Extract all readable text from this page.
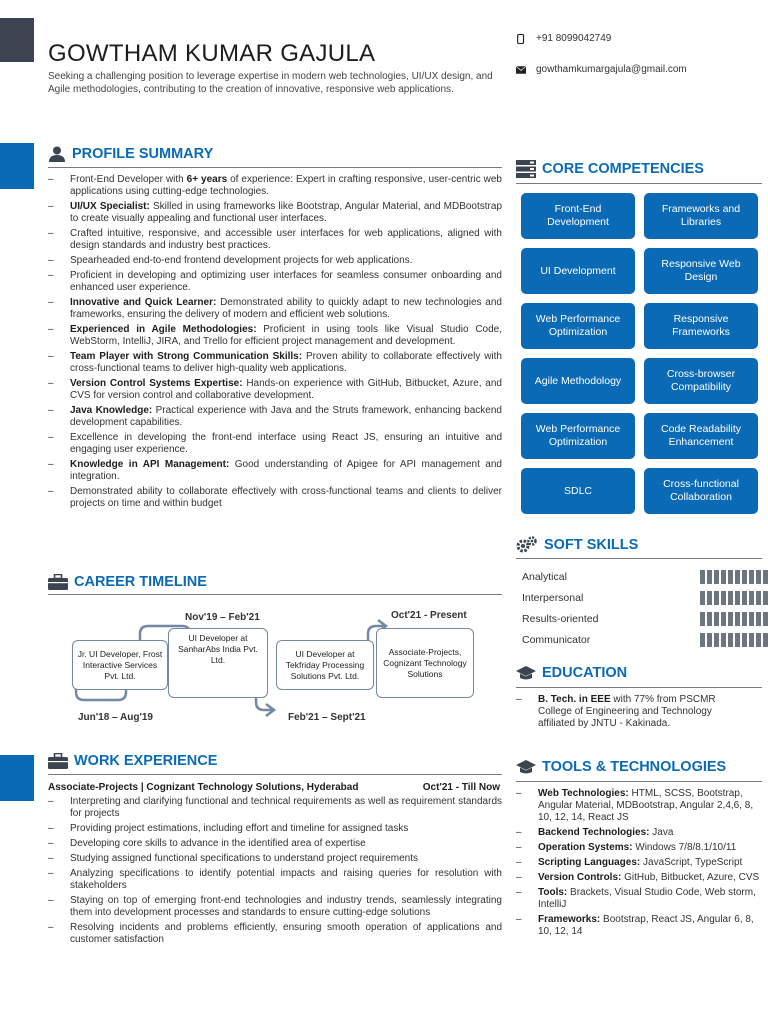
GOWTHAM KUMAR GAJULA

Seeking a challenging position to leverage expertise in modern web technologies, UI/UX design, and Agile methodologies, contributing to the creation of innovative, responsive web applications.

+91 8099042749
gowthamkumargajula@gmail.com
PROFILE SUMMARY
– Front-End Developer with 6+ years of experience: Expert in crafting responsive, user-centric web applications using cutting-edge technologies.
– UI/UX Specialist: Skilled in using frameworks like Bootstrap, Angular Material, and MDBootstrap to create visually appealing and functional user interfaces.
– Crafted intuitive, responsive, and accessible user interfaces for web applications, aligned with design standards and industry best practices.
– Spearheaded end-to-end frontend development projects for web applications.
– Proficient in developing and optimizing user interfaces for seamless consumer onboarding and enhanced user experience.
– Innovative and Quick Learner: Demonstrated ability to quickly adapt to new technologies and frameworks, ensuring the delivery of modern and efficient web solutions.
– Experienced in Agile Methodologies: Proficient in using tools like Visual Studio Code, WebStorm, IntelliJ, JIRA, and Trello for efficient project management and development.
– Team Player with Strong Communication Skills: Proven ability to collaborate effectively with cross-functional teams to deliver high-quality web applications.
– Version Control Systems Expertise: Hands-on experience with GitHub, Bitbucket, Azure, and CVS for version control and collaborative development.
– Java Knowledge: Practical experience with Java and the Struts framework, enhancing backend development capabilities.
– Excellence in developing the front-end interface using React JS, ensuring an intuitive and engaging user experience.
– Knowledge in API Management: Good understanding of Apigee for API management and integration.
– Demonstrated ability to collaborate effectively with cross-functional teams and clients to deliver projects on time and within budget
CORE COMPETENCIES
Front-End Development
Frameworks and Libraries
UI Development
Responsive Web Design
Web Performance Optimization
Responsive Frameworks
Agile Methodology
Cross-browser Compatibility
Web Performance Optimization
Code Readability Enhancement
SDLC
Cross-functional Collaboration
SOFT SKILLS
Analytical
Interpersonal
Results-oriented
Communicator
CAREER TIMELINE
Jun'18 – Aug'19
Nov'19 – Feb'21
Feb'21 – Sept'21
Oct'21 - Present
Jr. UI Developer, Frost Interactive Services Pvt. Ltd.
UI Developer at SanharAbs India Pvt. Ltd.
UI Developer at Tekfriday Processing Solutions Pvt. Ltd.
Associate-Projects, Cognizant Technology Solutions	EDUCATION
– B. Tech. in EEE with 77% from PSCMR College of Engineering and Technology affiliated by JNTU - Kakinada.
WORK EXPERIENCE
Associate-Projects | Cognizant Technology Solutions, Hyderabad	Oct'21 - Till Now
– Interpreting and clarifying functional and technical requirements as well as requirement standards for projects
– Providing project estimations, including effort and timeline for assigned tasks
– Developing core skills to advance in the identified area of expertise
– Studying assigned functional specifications to understand project requirements
– Analyzing specifications to identify potential impacts and raising queries for resolution with stakeholders
– Staying on top of emerging front-end technologies and industry trends, seamlessly integrating them into development processes and standards to ensure cutting-edge solutions
– Resolving incidents and problems efficiently, ensuring smooth operation of applications and customer satisfaction
TOOLS & TECHNOLOGIES
– Web Technologies: HTML, SCSS, Bootstrap, Angular Material, MDBootstrap, Angular 2,4,6, 8, 10, 12, 14, React JS
– Backend Technologies: Java
– Operation Systems: Windows 7/8/8.1/10/11
– Scripting Languages: JavaScript, TypeScript
– Version Controls: GitHub, Bitbucket, Azure, CVS
– Tools: Brackets, Visual Studio Code, Web storm, IntelliJ
– Frameworks: Bootstrap, React JS, Angular 6, 8, 10, 12, 14
